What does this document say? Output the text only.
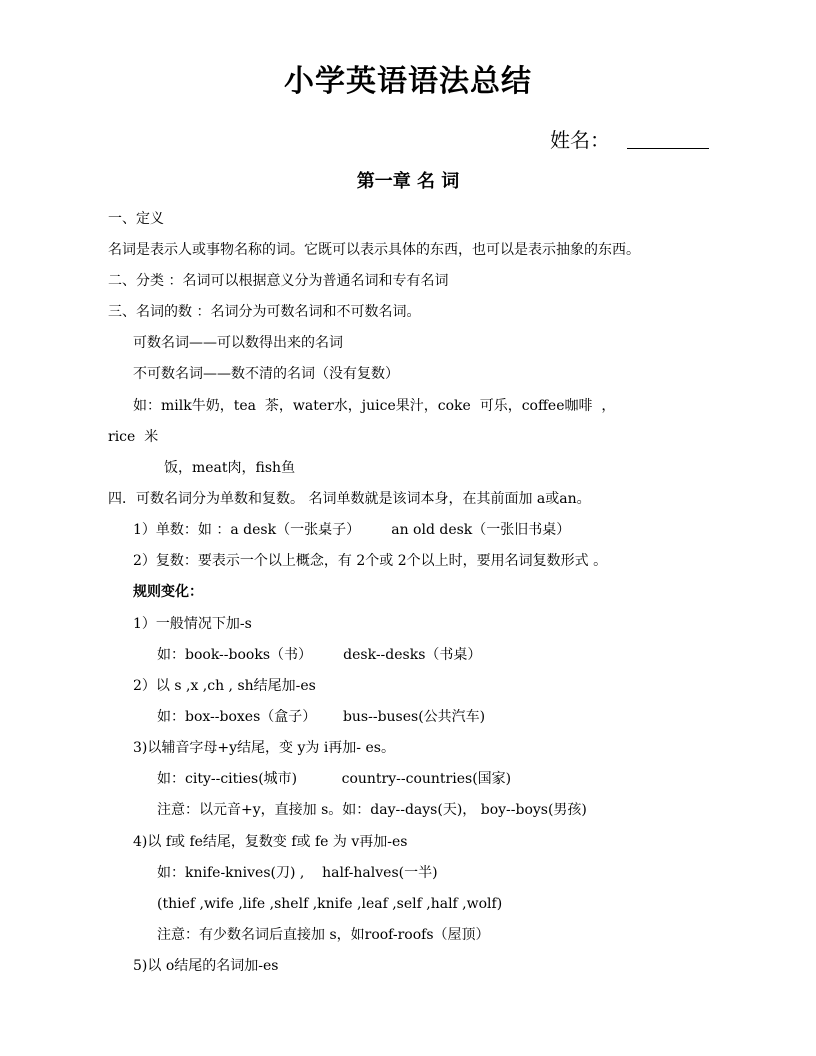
小学英语语法总结
姓名：
第一章 名 词
一、定义
名词是表示人或事物名称的词。它既可以表示具体的东西，也可以是表示抽象的东西。
二、分类 ：名词可以根据意义分为普通名词和专有名词
三、名词的数 ：名词分为可数名词和不可数名词。
可数名词——可以数得出来的名词
不可数名词——数不清的名词（没有复数）
如：milk牛奶，tea  茶，water水，juice果汁，coke  可乐，coffee咖啡  ，
rice  米
饭，meat肉，fish鱼
四．可数名词分为单数和复数。 名词单数就是该词本身，在其前面加 a或an。
1）单数：如 ：a desk（一张桌子）       an old desk（一张旧书桌）
2）复数：要表示一个以上概念，有 2个或 2个以上时，要用名词复数形式 。
规则变化：
1）一般情况下加-s
如：book--books（书）       desk--desks（书桌）
2）以 s ,x ,ch , sh结尾加-es
如：box--boxes（盒子）      bus--buses(公共汽车)
3)以辅音字母+y结尾，变 y为 i再加- es。
如：city--cities(城市)          country--countries(国家)
注意：以元音+y，直接加 s。如：day--days(天)， boy--boys(男孩)
4)以 f或 fe结尾，复数变 f或 fe 为 v再加-es
如：knife-knives(刀) ,    half-halves(一半)
(thief ,wife ,life ,shelf ,knife ,leaf ,self ,half ,wolf)
注意：有少数名词后直接加 s，如roof-roofs（屋顶）
5)以 o结尾的名词加-es
